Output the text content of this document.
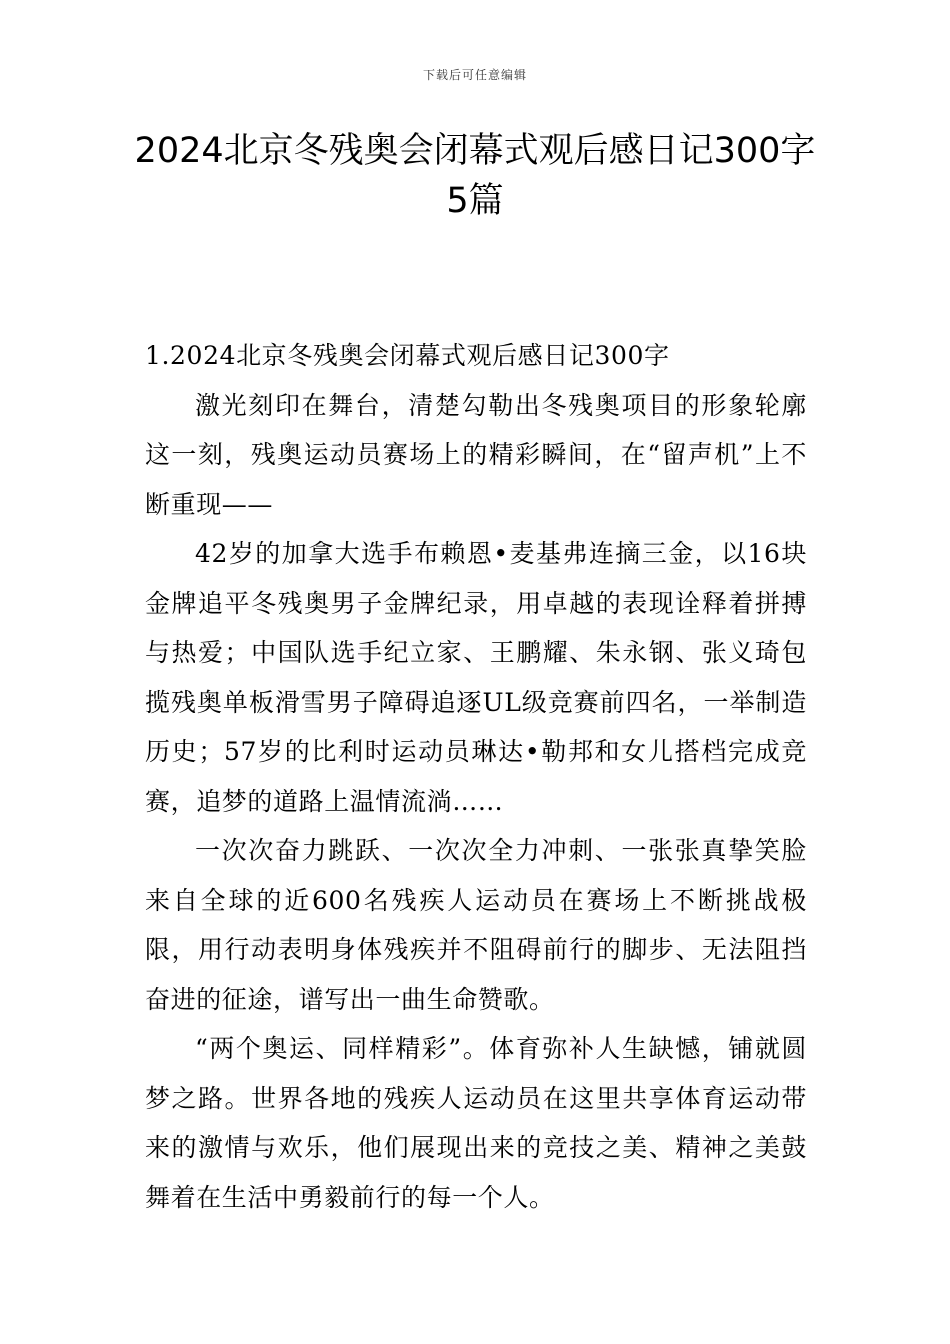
下载后可任意编辑
2024北京冬残奥会闭幕式观后感日记300字5篇
1.2024北京冬残奥会闭幕式观后感日记300字

激光刻印在舞台，清楚勾勒出冬残奥项目的形象轮廓这一刻，残奥运动员赛场上的精彩瞬间，在“留声机”上不断重现——

42岁的加拿大选手布赖恩•麦基弗连摘三金，以16块金牌追平冬残奥男子金牌纪录，用卓越的表现诠释着拼搏与热爱；中国队选手纪立家、王鹏耀、朱永钢、张义琦包揽残奥单板滑雪男子障碍追逐UL级竞赛前四名，一举制造历史；57岁的比利时运动员琳达•勒邦和女儿搭档完成竞赛，追梦的道路上温情流淌……

一次次奋力跳跃、一次次全力冲刺、一张张真挚笑脸来自全球的近600名残疾人运动员在赛场上不断挑战极限，用行动表明身体残疾并不阻碍前行的脚步、无法阻挡奋进的征途，谱写出一曲生命赞歌。

“两个奥运、同样精彩”。体育弥补人生缺憾，铺就圆梦之路。世界各地的残疾人运动员在这里共享体育运动带来的激情与欢乐，他们展现出来的竞技之美、精神之美鼓舞着在生活中勇毅前行的每一个人。
